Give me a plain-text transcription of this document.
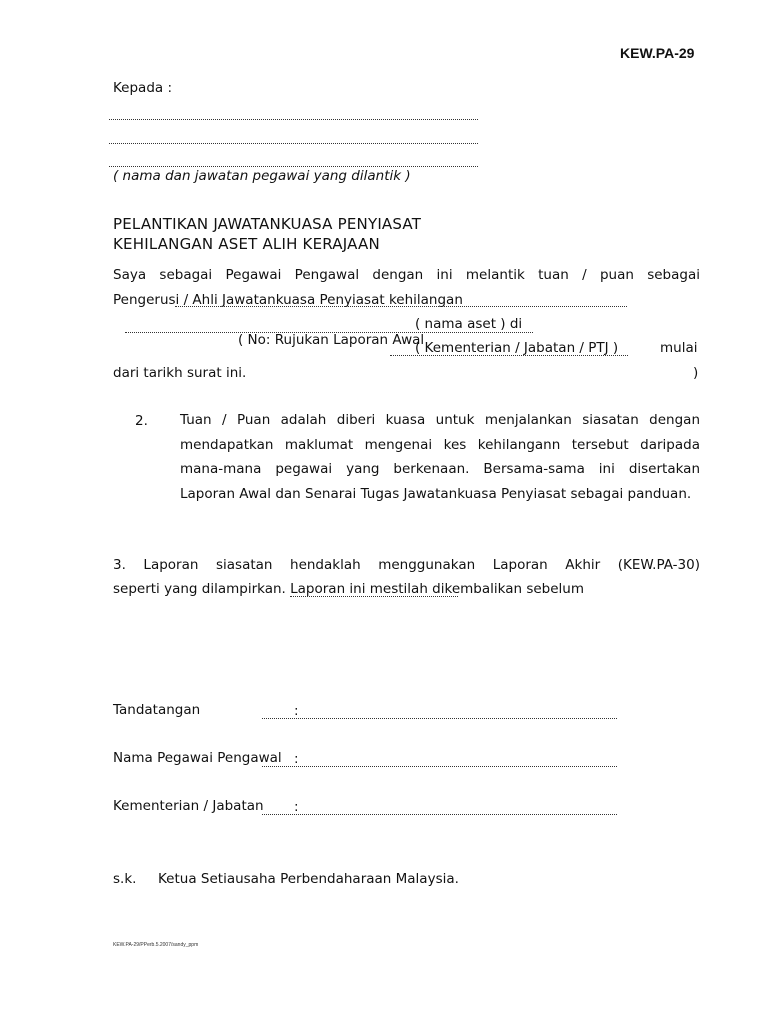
KEW.PA-29
Kepada :
( nama dan jawatan pegawai yang dilantik )
PELANTIKAN JAWATANKUASA PENYIASAT
KEHILANGAN ASET ALIH KERAJAAN
Saya sebagai Pegawai Pengawal dengan ini melantik tuan / puan sebagai
Pengerusi / Ahli Jawatankuasa Penyiasat kehilangan
( nama aset ) di
( No: Rujukan Laporan Awal
( Kementerian / Jabatan / PTJ )	mulai
dari tarikh surat ini.	)
2. Tuan / Puan adalah diberi kuasa untuk menjalankan siasatan dengan mendapatkan maklumat mengenai kes kehilangann tersebut daripada mana-mana pegawai yang berkenaan. Bersama-sama ini disertakan Laporan Awal dan Senarai Tugas Jawatankuasa Penyiasat sebagai panduan.
3. Laporan siasatan hendaklah menggunakan Laporan Akhir (KEW.PA-30)
seperti yang dilampirkan. Laporan ini mestilah dikembalikan sebelum
Tandatangan	:
Nama Pegawai Pengawal :
Kementerian / Jabatan :
s.k. Ketua Setiausaha Perbendaharaan Malaysia.
KEW.PA-29/PPerb.5.2007/sandy_ppm
